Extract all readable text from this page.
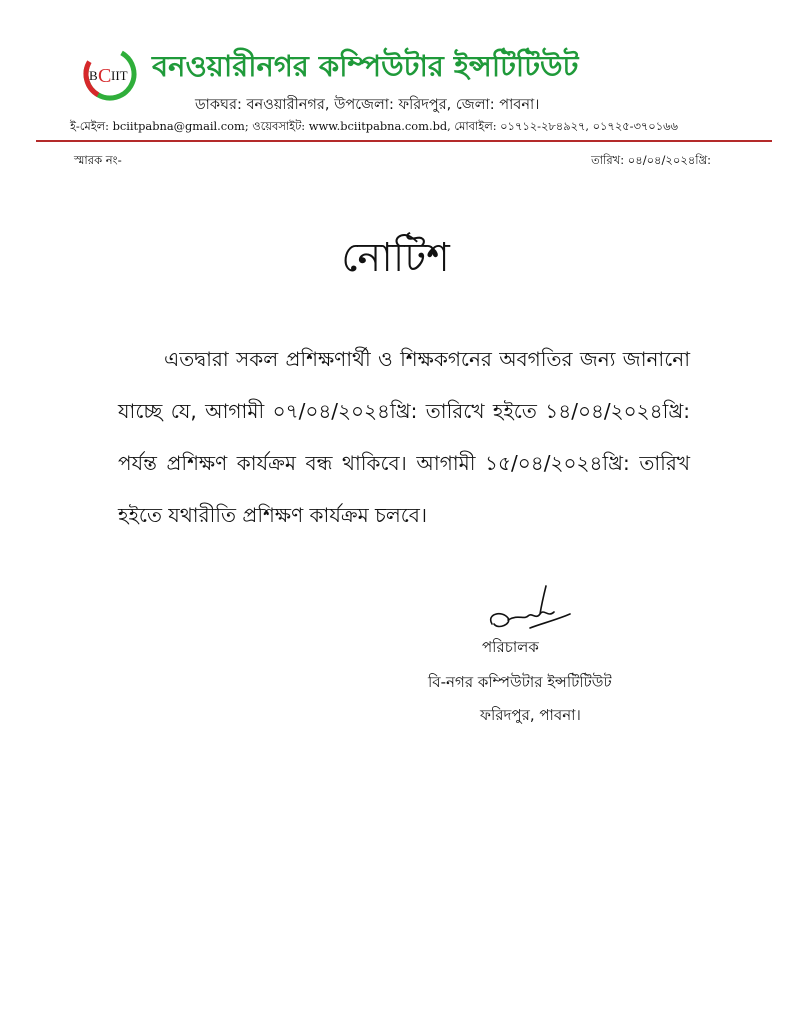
B C IIT বনওয়ারীনগর কম্পিউটার ইন্সটিটিউট
ডাকঘর: বনওয়ারীনগর, উপজেলা: ফরিদপুর, জেলা: পাবনা।
ই-মেইল: bciitpabna@gmail.com; ওয়েবসাইট: www.bciitpabna.com.bd, মোবাইল: ০১৭১২-২৮৪৯২৭, ০১৭২৫-৩৭০১৬৬
স্মারক নং-	তারিখ: ০৪/০৪/২০২৪খ্রি:
নোটিশ
এতদ্বারা সকল প্রশিক্ষণার্থী ও শিক্ষকগনের অবগতির জন্য জানানো যাচ্ছে যে, আগামী ০৭/০৪/২০২৪খ্রি: তারিখে হইতে ১৪/০৪/২০২৪খ্রি: পর্যন্ত প্রশিক্ষণ কার্যক্রম বন্ধ থাকিবে। আগামী ১৫/০৪/২০২৪খ্রি: তারিখ হইতে যথারীতি প্রশিক্ষণ কার্যক্রম চলবে।
পরিচালক
বি-নগর কম্পিউটার ইন্সটিটিউট
ফরিদপুর, পাবনা।
